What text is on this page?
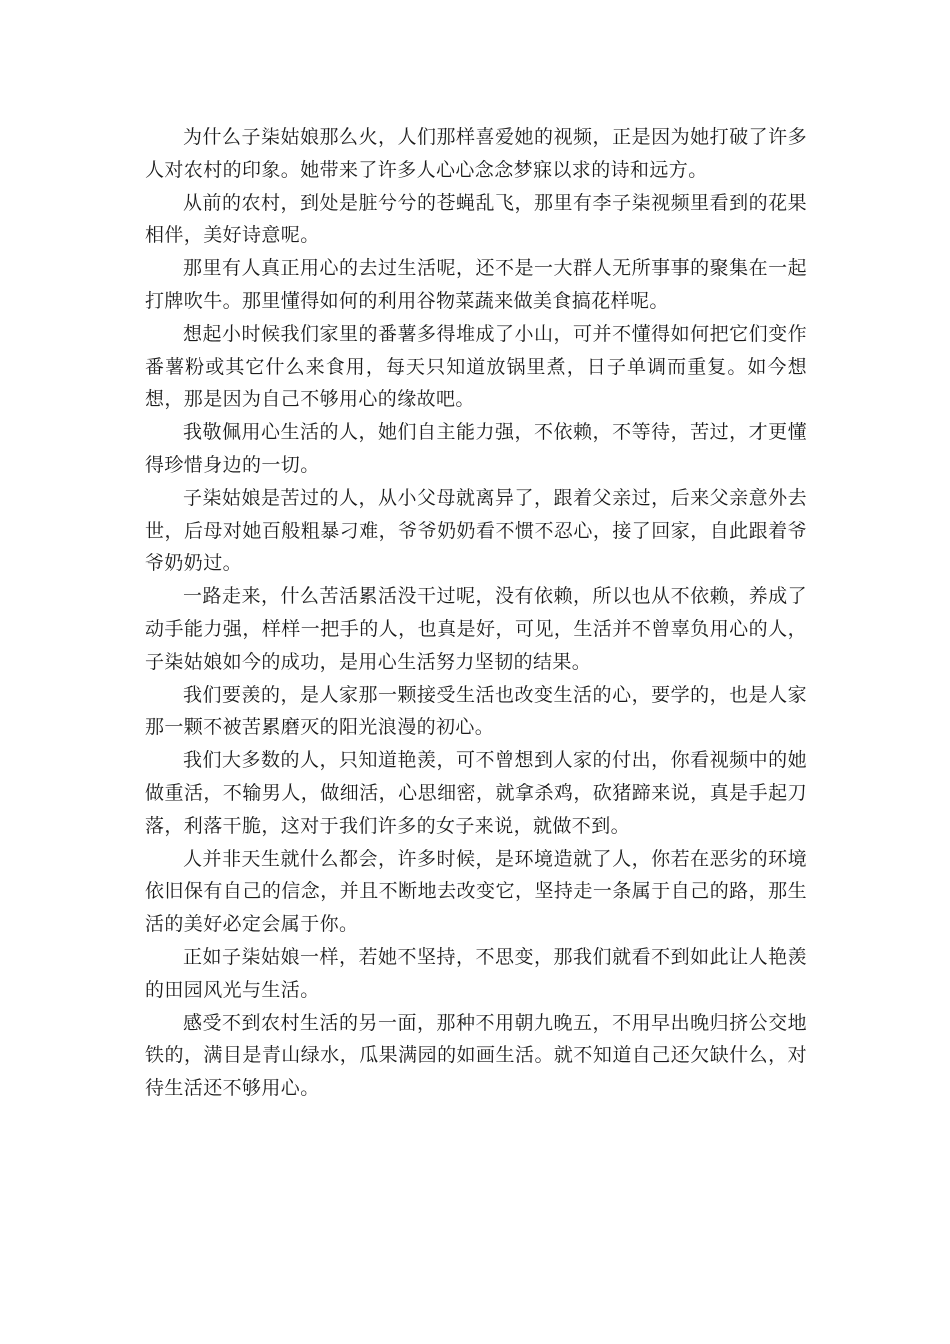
为什么子柒姑娘那么火，人们那样喜爱她的视频，正是因为她打破了许多人对农村的印象。她带来了许多人心心念念梦寐以求的诗和远方。

从前的农村，到处是脏兮兮的苍蝇乱飞，那里有李子柒视频里看到的花果相伴，美好诗意呢。

那里有人真正用心的去过生活呢，还不是一大群人无所事事的聚集在一起打牌吹牛。那里懂得如何的利用谷物菜蔬来做美食搞花样呢。

想起小时候我们家里的番薯多得堆成了小山，可并不懂得如何把它们变作番薯粉或其它什么来食用，每天只知道放锅里煮，日子单调而重复。如今想想，那是因为自己不够用心的缘故吧。

我敬佩用心生活的人，她们自主能力强，不依赖，不等待，苦过，才更懂得珍惜身边的一切。

子柒姑娘是苦过的人，从小父母就离异了，跟着父亲过，后来父亲意外去世，后母对她百般粗暴刁难，爷爷奶奶看不惯不忍心，接了回家，自此跟着爷爷奶奶过。

一路走来，什么苦活累活没干过呢，没有依赖，所以也从不依赖，养成了动手能力强，样样一把手的人，也真是好，可见，生活并不曾辜负用心的人，子柒姑娘如今的成功，是用心生活努力坚韧的结果。

我们要羡的，是人家那一颗接受生活也改变生活的心，要学的，也是人家那一颗不被苦累磨灭的阳光浪漫的初心。

我们大多数的人，只知道艳羡，可不曾想到人家的付出，你看视频中的她做重活，不输男人，做细活，心思细密，就拿杀鸡，砍猪蹄来说，真是手起刀落，利落干脆，这对于我们许多的女子来说，就做不到。

人并非天生就什么都会，许多时候，是环境造就了人，你若在恶劣的环境依旧保有自己的信念，并且不断地去改变它，坚持走一条属于自己的路，那生活的美好必定会属于你。

正如子柒姑娘一样，若她不坚持，不思变，那我们就看不到如此让人艳羡的田园风光与生活。

感受不到农村生活的另一面，那种不用朝九晚五，不用早出晚归挤公交地铁的，满目是青山绿水，瓜果满园的如画生活。就不知道自己还欠缺什么，对待生活还不够用心。
